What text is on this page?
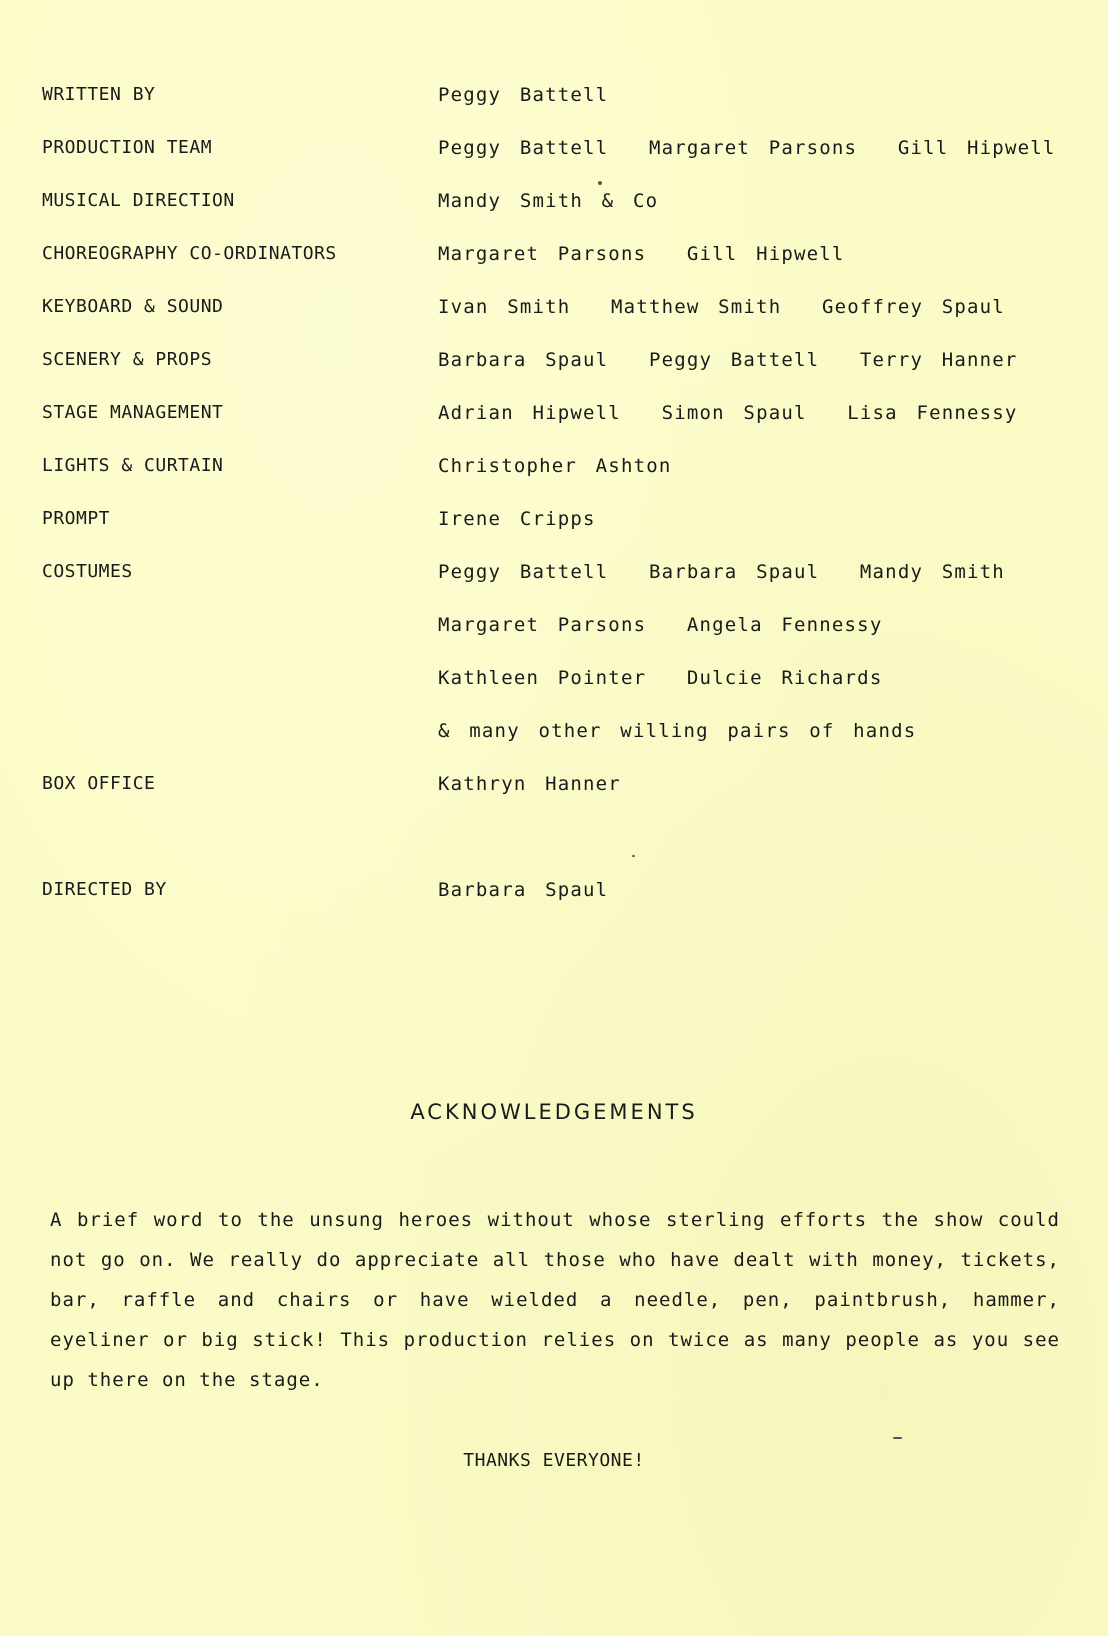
WRITTEN BY	Peggy Battell
PRODUCTION TEAM	Peggy Battell Margaret Parsons Gill Hipwell
MUSICAL DIRECTION	Mandy Smith & Co
CHOREOGRAPHY CO-ORDINATORS	Margaret Parsons Gill Hipwell
KEYBOARD & SOUND	Ivan Smith Matthew Smith Geoffrey Spaul
SCENERY & PROPS	Barbara Spaul Peggy Battell Terry Hanner
STAGE MANAGEMENT	Adrian Hipwell Simon Spaul Lisa Fennessy
LIGHTS & CURTAIN	Christopher Ashton
PROMPT	Irene Cripps
COSTUMES	Peggy Battell Barbara Spaul Mandy Smith
Margaret Parsons Angela Fennessy
Kathleen Pointer Dulcie Richards
& many other willing pairs of hands
BOX OFFICE	Kathryn Hanner
DIRECTED BY	Barbara Spaul
ACKNOWLEDGEMENTS
A brief word to the unsung heroes without whose sterling efforts the show could not go on. We really do appreciate all those who have dealt with money, tickets, bar, raffle and chairs or have wielded a needle, pen, paintbrush, hammer, eyeliner or big stick! This production relies on twice as many people as you see up there on the stage.
THANKS EVERYONE!
